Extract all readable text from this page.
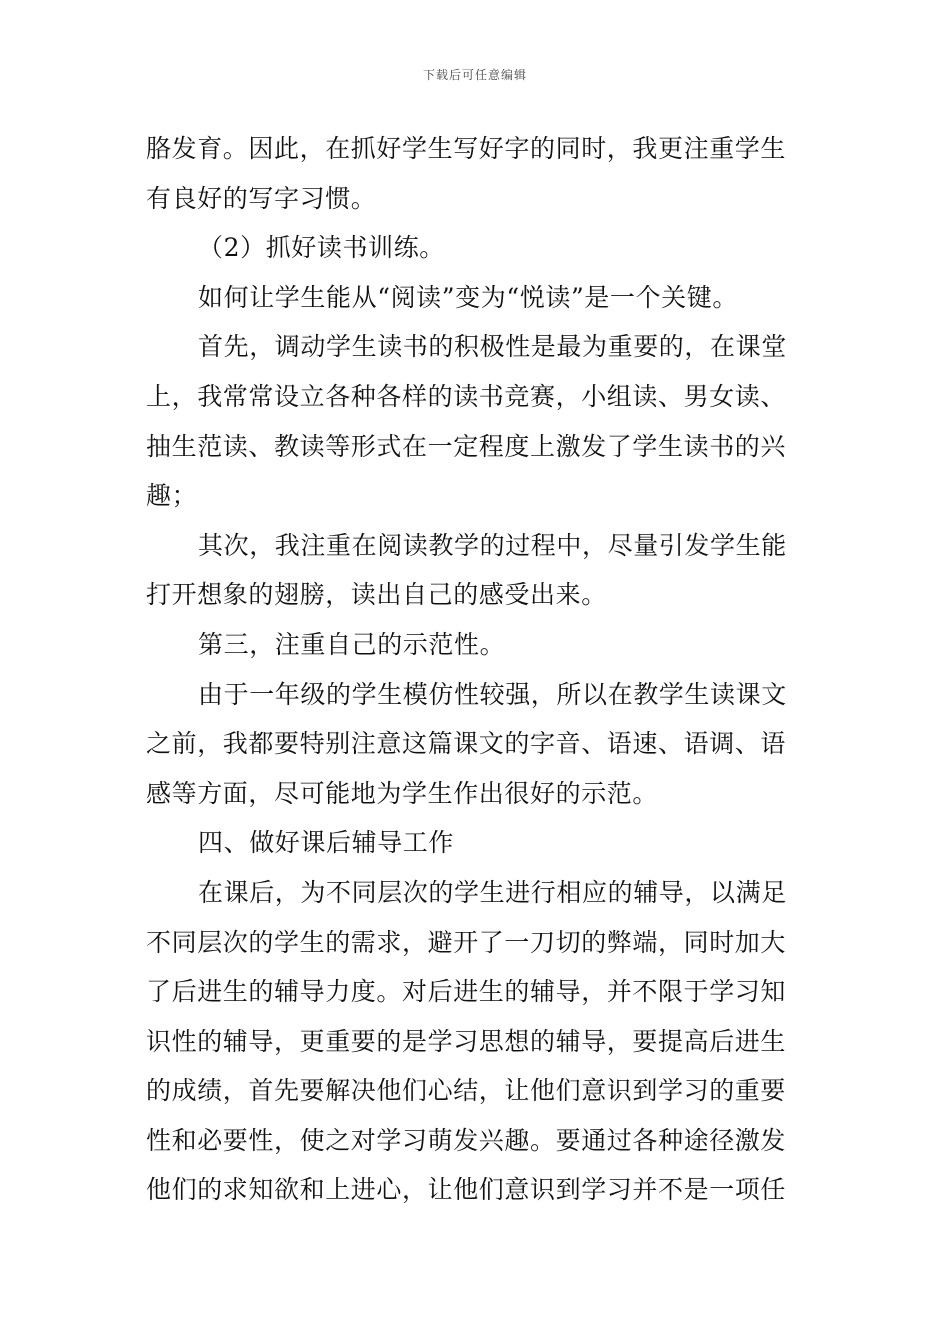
下载后可任意编辑

胳发育。因此，在抓好学生写好字的同时，我更注重学生有良好的写字习惯。

（2）抓好读书训练。

如何让学生能从“阅读”变为“悦读”是一个关键。

首先，调动学生读书的积极性是最为重要的，在课堂上，我常常设立各种各样的读书竞赛，小组读、男女读、抽生范读、教读等形式在一定程度上激发了学生读书的兴趣；

其次，我注重在阅读教学的过程中，尽量引发学生能打开想象的翅膀，读出自己的感受出来。

第三，注重自己的示范性。

由于一年级的学生模仿性较强，所以在教学生读课文之前，我都要特别注意这篇课文的字音、语速、语调、语感等方面，尽可能地为学生作出很好的示范。

四、做好课后辅导工作

在课后，为不同层次的学生进行相应的辅导，以满足不同层次的学生的需求，避开了一刀切的弊端，同时加大了后进生的辅导力度。对后进生的辅导，并不限于学习知识性的辅导，更重要的是学习思想的辅导，要提高后进生的成绩，首先要解决他们心结，让他们意识到学习的重要性和必要性，使之对学习萌发兴趣。要通过各种途径激发他们的求知欲和上进心，让他们意识到学习并不是一项任
